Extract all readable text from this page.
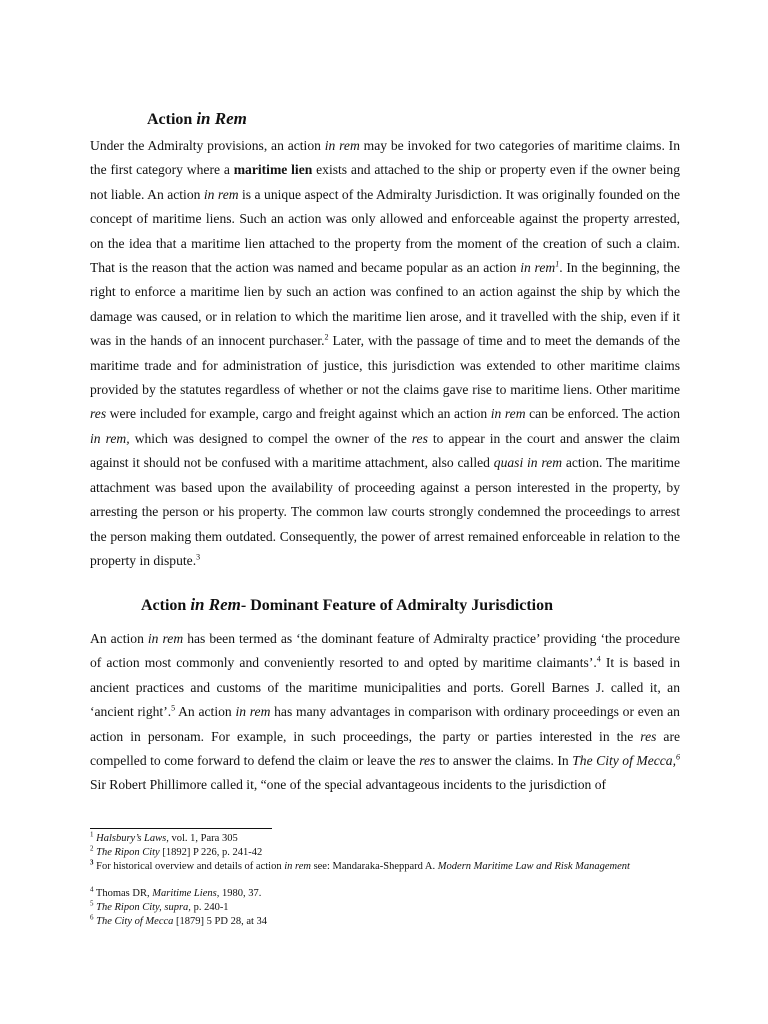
Action in Rem

Under the Admiralty provisions, an action in rem may be invoked for two categories of maritime claims. In the first category where a maritime lien exists and attached to the ship or property even if the owner being not liable. An action in rem is a unique aspect of the Admiralty Jurisdiction. It was originally founded on the concept of maritime liens. Such an action was only allowed and enforceable against the property arrested, on the idea that a maritime lien attached to the property from the moment of the creation of such a claim. That is the reason that the action was named and became popular as an action in rem$^1$. In the beginning, the right to enforce a maritime lien by such an action was confined to an action against the ship by which the damage was caused, or in relation to which the maritime lien arose, and it travelled with the ship, even if it was in the hands of an innocent purchaser.$^2$ Later, with the passage of time and to meet the demands of the maritime trade and for administration of justice, this jurisdiction was extended to other maritime claims provided by the statutes regardless of whether or not the claims gave rise to maritime liens. Other maritime res were included for example, cargo and freight against which an action in rem can be enforced. The action in rem, which was designed to compel the owner of the res to appear in the court and answer the claim against it should not be confused with a maritime attachment, also called quasi in rem action. The maritime attachment was based upon the availability of proceeding against a person interested in the property, by arresting the person or his property. The common law courts strongly condemned the proceedings to arrest the person making them outdated. Consequently, the power of arrest remained enforceable in relation to the property in dispute.$^3$

Action in Rem- Dominant Feature of Admiralty Jurisdiction

An action in rem has been termed as ‘the dominant feature of Admiralty practice’ providing ‘the procedure of action most commonly and conveniently resorted to and opted by maritime claimants’.$^4$ It is based in ancient practices and customs of the maritime municipalities and ports. Gorell Barnes J. called it, an ‘ancient right’.$^5$ An action in rem has many advantages in comparison with ordinary proceedings or even an action in personam. For example, in such proceedings, the party or parties interested in the res are compelled to come forward to defend the claim or leave the res to answer the claims. In The City of Mecca,$^6$ Sir Robert Phillimore called it, “one of the special advantageous incidents to the jurisdiction of

$^1$ Halsbury’s Laws, vol. 1, Para 305
$^2$ The Ripon City [1892] P 226, p. 241-42
$^3$ For historical overview and details of action in rem see: Mandaraka-Sheppard A. Modern Maritime Law and Risk Management
$^4$ Thomas DR, Maritime Liens, 1980, 37.
$^5$ The Ripon City, supra, p. 240-1
$^6$ The City of Mecca [1879] 5 PD 28, at 34
